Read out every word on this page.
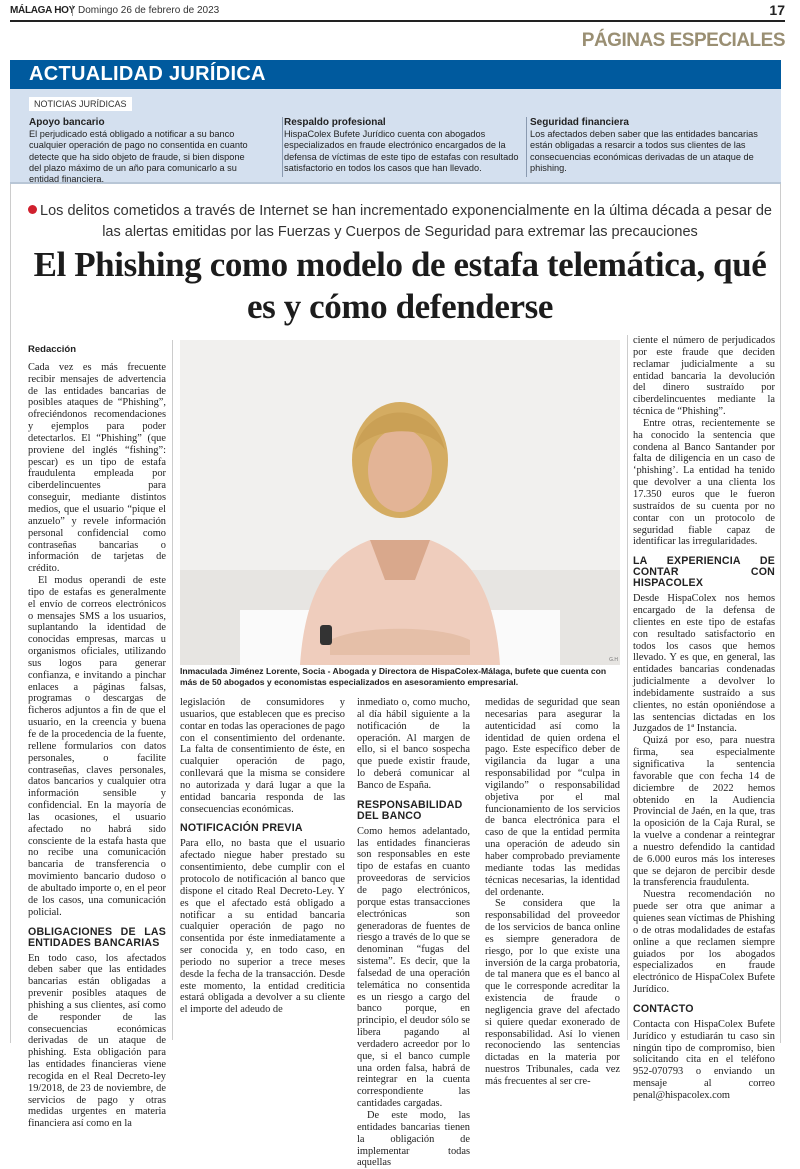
MÁLAGA HOY Domingo 26 de febrero de 2023	17
PÁGINAS ESPECIALES
ACTUALIDAD JURÍDICA
NOTICIAS JURÍDICAS
Apoyo bancario
El perjudicado está obligado a notificar a su banco cualquier operación de pago no consentida en cuanto detecte que ha sido objeto de fraude, si bien dispone del plazo máximo de un año para comunicarlo a su entidad financiera.
Respaldo profesional
HispaColex Bufete Jurídico cuenta con abogados especializados en fraude electrónico encargados de la defensa de víctimas de este tipo de estafas con resultado satisfactorio en todos los casos que han llevado.
Seguridad financiera
Los afectados deben saber que las entidades bancarias están obligadas a resarcir a todos sus clientes de las consecuencias económicas derivadas de un ataque de phishing.
Los delitos cometidos a través de Internet se han incrementado exponencialmente en la última década a pesar de las alertas emitidas por las Fuerzas y Cuerpos de Seguridad para extremar las precauciones
El Phishing como modelo de estafa telemática, qué es y cómo defenderse
Redacción

Cada vez es más frecuente recibir mensajes de advertencia de las entidades bancarias de posibles ataques de “Phishing”, ofreciéndonos recomendaciones y ejemplos para poder detectarlos. El “Phishing” (que proviene del inglés “fishing”: pescar) es un tipo de estafa fraudulenta empleada por ciberdelincuentes para conseguir, mediante distintos medios, que el usuario “pique el anzuelo” y revele información personal confidencial como contraseñas bancarias o información de tarjetas de crédito.

El modus operandi de este tipo de estafas es generalmente el envío de correos electrónicos o mensajes SMS a los usuarios, suplantando la identidad de conocidas empresas, marcas u organismos oficiales, utilizando sus logos para generar confianza, e invitando a pinchar enlaces a páginas falsas, programas o descargas de ficheros adjuntos a fin de que el usuario, en la creencia y buena fe de la procedencia de la fuente, rellene formularios con datos personales, o facilite contraseñas, claves personales, datos bancarios y cualquier otra información sensible y confidencial. En la mayoría de las ocasiones, el usuario afectado no habrá sido consciente de la estafa hasta que no recibe una comunicación bancaria de transferencia o movimiento bancario dudoso o de abultado importe o, en el peor de los casos, una comunicación policial.

OBLIGACIONES DE LAS ENTIDADES BANCARIAS

En todo caso, los afectados deben saber que las entidades bancarias están obligadas a prevenir posibles ataques de phishing a sus clientes, así como de responder de las consecuencias económicas derivadas de un ataque de phishing. Esta obligación para las entidades financieras viene recogida en el Real Decreto-ley 19/2018, de 23 de noviembre, de servicios de pago y otras medidas urgentes en materia financiera así como en la

G.H
Inmaculada Jiménez Lorente, Socia - Abogada y Directora de HispaColex-Málaga, bufete que cuenta con más de 50 abogados y economistas especializados en asesoramiento empresarial.

legislación de consumidores y usuarios, que establecen que es preciso contar en todas las operaciones de pago con el consentimiento del ordenante. La falta de consentimiento de éste, en cualquier operación de pago, conllevará que la misma se considere no autorizada y dará lugar a que la entidad bancaria responda de las consecuencias económicas.

NOTIFICACIÓN PREVIA

Para ello, no basta que el usuario afectado niegue haber prestado su consentimiento, debe cumplir con el protocolo de notificación al banco que dispone el citado Real Decreto-Ley. Y es que el afectado está obligado a notificar a su entidad bancaria cualquier operación de pago no consentida por éste inmediatamente a ser conocida y, en todo caso, en periodo no superior a trece meses desde la fecha de la transacción. Desde este momento, la entidad crediticia estará obligada a devolver a su cliente el importe del adeudo de

inmediato o, como mucho, al día hábil siguiente a la notificación de la operación. Al margen de ello, si el banco sospecha que puede existir fraude, lo deberá comunicar al Banco de España.

RESPONSABILIDAD DEL BANCO

Como hemos adelantado, las entidades financieras son responsables en este tipo de estafas en cuanto proveedoras de servicios de pago electrónicos, porque estas transacciones electrónicas son generadoras de fuentes de riesgo a través de lo que se denominan “fugas del sistema”. Es decir, que la falsedad de una operación telemática no consentida es un riesgo a cargo del banco porque, en principio, el deudor sólo se libera pagando al verdadero acreedor por lo que, si el banco cumple una orden falsa, habrá de reintegrar en la cuenta correspondiente las cantidades cargadas.

De este modo, las entidades bancarias tienen la obligación de implementar todas aquellas

medidas de seguridad que sean necesarias para asegurar la autenticidad así como la identidad de quien ordena el pago. Este específico deber de vigilancia da lugar a una responsabilidad por “culpa in vigilando” o responsabilidad objetiva por el mal funcionamiento de los servicios de banca electrónica para el caso de que la entidad permita una operación de adeudo sin haber comprobado previamente mediante todas las medidas técnicas necesarias, la identidad del ordenante.

Se considera que la responsabilidad del proveedor de los servicios de banca online es siempre generadora de riesgo, por lo que existe una inversión de la carga probatoria, de tal manera que es el banco al que le corresponde acreditar la existencia de fraude o negligencia grave del afectado si quiere quedar exonerado de responsabilidad. Así lo vienen reconociendo las sentencias dictadas en la materia por nuestros Tribunales, cada vez más frecuentes al ser cre-

ciente el número de perjudicados por este fraude que deciden reclamar judicialmente a su entidad bancaria la devolución del dinero sustraído por ciberdelincuentes mediante la técnica de “Phishing”.

Entre otras, recientemente se ha conocido la sentencia que condena al Banco Santander por falta de diligencia en un caso de ‘phishing’. La entidad ha tenido que devolver a una clienta los 17.350 euros que le fueron sustraídos de su cuenta por no contar con un protocolo de seguridad fiable capaz de identificar las irregularidades.

LA EXPERIENCIA DE CONTAR CON HISPACOLEX

Desde HispaColex nos hemos encargado de la defensa de clientes en este tipo de estafas con resultado satisfactorio en todos los casos que hemos llevado. Y es que, en general, las entidades bancarias condenadas judicialmente a devolver lo indebidamente sustraído a sus clientes, no están oponiéndose a las sentencias dictadas en los Juzgados de 1ª Instancia.

Quizá por eso, para nuestra firma, sea especialmente significativa la sentencia favorable que con fecha 14 de diciembre de 2022 hemos obtenido en la Audiencia Provincial de Jaén, en la que, tras la oposición de la Caja Rural, se la vuelve a condenar a reintegrar a nuestro defendido la cantidad de 6.000 euros más los intereses que se dejaron de percibir desde la transferencia fraudulenta.

Nuestra recomendación no puede ser otra que animar a quienes sean víctimas de Phishing o de otras modalidades de estafas online a que reclamen siempre guiados por los abogados especializados en fraude electrónico de HispaColex Bufete Jurídico.

CONTACTO

Contacta con HispaColex Bufete Jurídico y estudiarán tu caso sin ningún tipo de compromiso, bien solicitando cita en el teléfono 952-070793 o enviando un mensaje al correo penal@hispacolex.com
